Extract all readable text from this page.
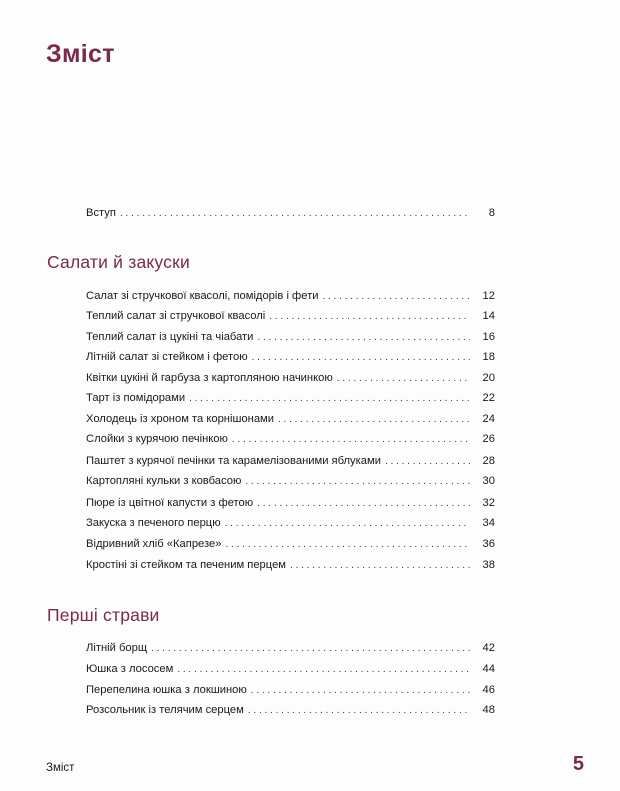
Зміст
Вступ . . .	8
Салати й закуски
Салат зі стручкової квасолі, помідорів і фети . . .	12
Теплий салат зі стручкової квасолі . . .	14
Теплий салат із цукіні та чіабати . . .	16
Літній салат зі стейком і фетою . . .	18
Квітки цукіні й гарбуза з картопляною начинкою . . .	20
Тарт із помідорами . . .	22
Холодець із хроном та корнішонами . . .	24
Слойки з курячою печінкою . . .	26
Паштет з курячої печінки та карамелізованими яблуками . . .	28
Картопляні кульки з ковбасою . . .	30
Пюре із цвітної капусти з фетою . . .	32
Закуска з печеного перцю . . .	34
Відривний хліб «Капрезе» . . .	36
Кростіні зі стейком та печеним перцем . . .	38
Перші страви
Літній борщ . . .	42
Юшка з лососем . . .	44
Перепелина юшка з локшиною . . .	46
Розсольник із телячим серцем . . .	48
Зміст	5
